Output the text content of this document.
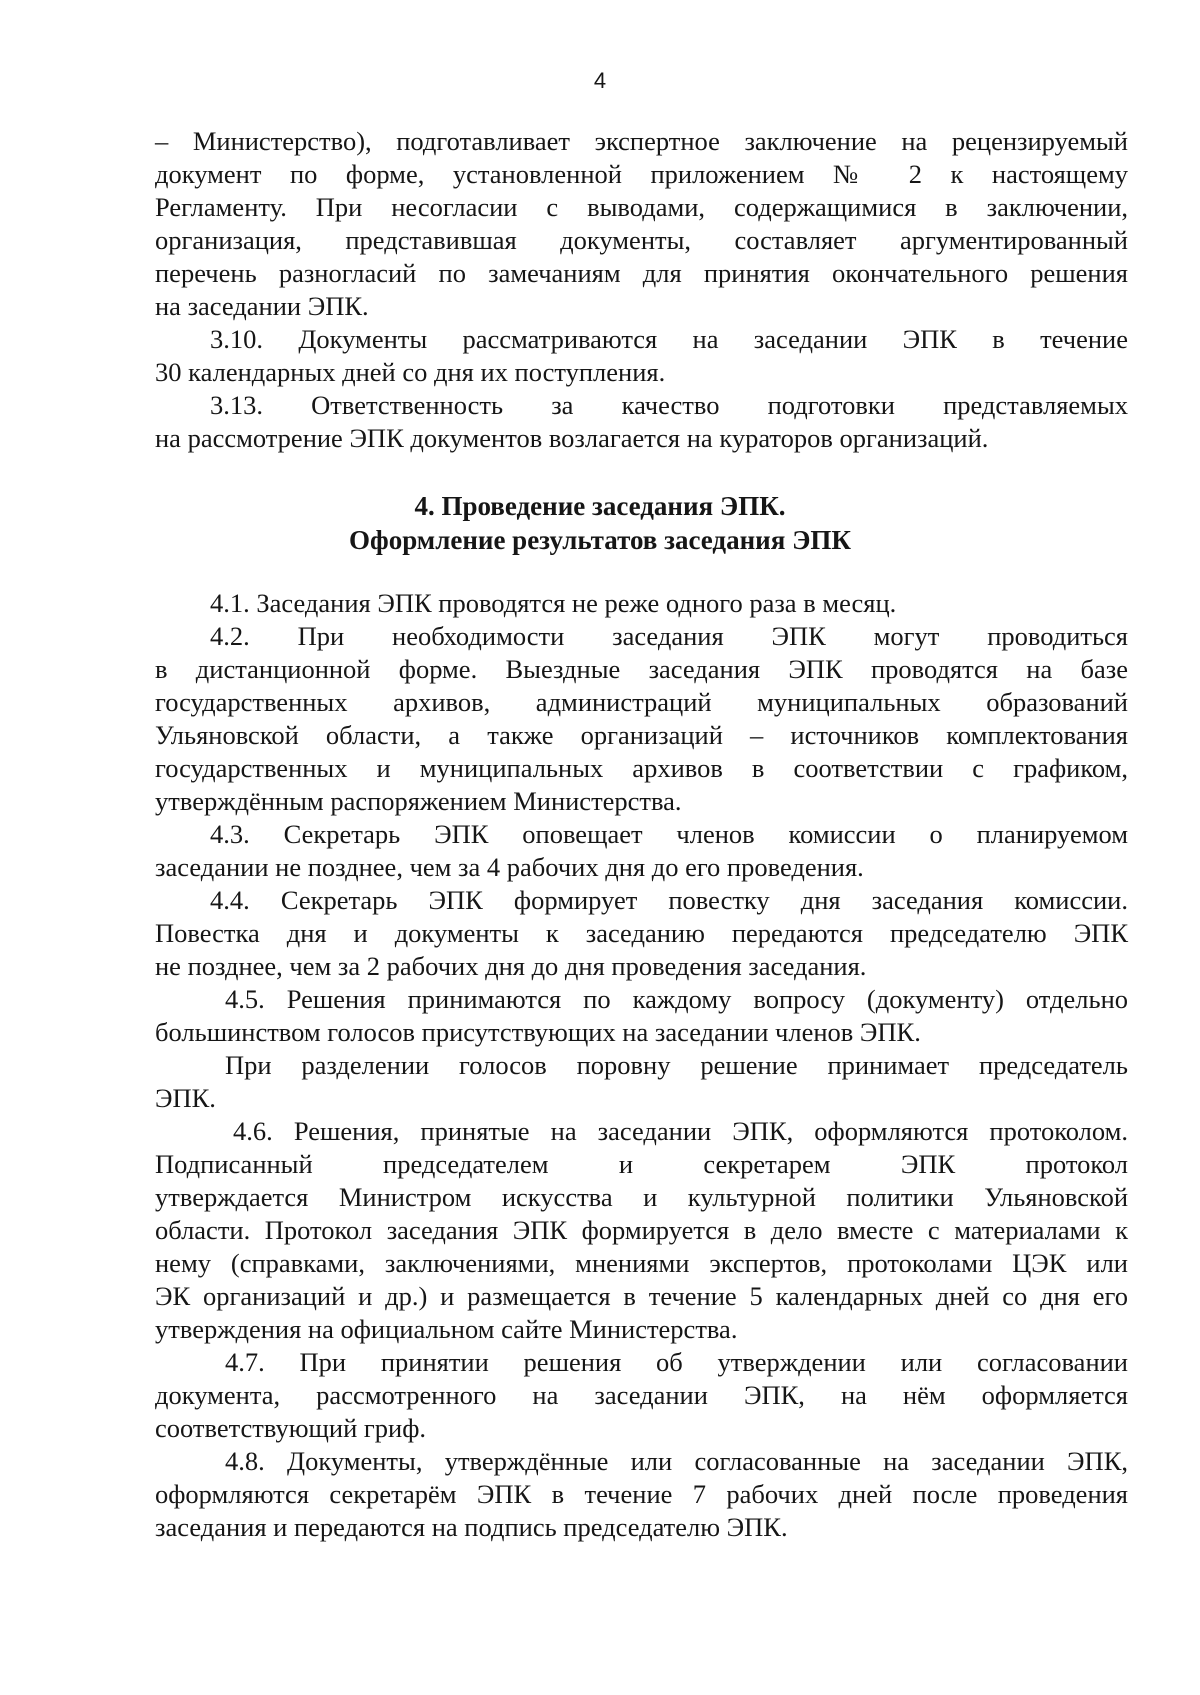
4
– Министерство), подготавливает экспертное заключение на рецензируемый
документ по форме, установленной приложением № 2 к настоящему
Регламенту. При несогласии с выводами, содержащимися в заключении,
организация, представившая документы, составляет аргументированный
перечень разногласий по замечаниям для принятия окончательного решения
на заседании ЭПК.
3.10. Документы рассматриваются на заседании ЭПК в течение
30 календарных дней со дня их поступления.
3.13. Ответственность за качество подготовки представляемых
на рассмотрение ЭПК документов возлагается на кураторов организаций.
4. Проведение заседания ЭПК.
Оформление результатов заседания ЭПК
4.1. Заседания ЭПК проводятся не реже одного раза в месяц.
4.2. При необходимости заседания ЭПК могут проводиться
в дистанционной форме. Выездные заседания ЭПК проводятся на базе
государственных архивов, администраций муниципальных образований
Ульяновской области, а также организаций – источников комплектования
государственных и муниципальных архивов в соответствии с графиком,
утверждённым распоряжением Министерства.
4.3. Секретарь ЭПК оповещает членов комиссии о планируемом
заседании не позднее, чем за 4 рабочих дня до его проведения.
4.4. Секретарь ЭПК формирует повестку дня заседания комиссии.
Повестка дня и документы к заседанию передаются председателю ЭПК
не позднее, чем за 2 рабочих дня до дня проведения заседания.
4.5. Решения принимаются по каждому вопросу (документу) отдельно
большинством голосов присутствующих на заседании членов ЭПК.
При разделении голосов поровну решение принимает председатель
ЭПК.
4.6. Решения, принятые на заседании ЭПК, оформляются протоколом.
Подписанный председателем и секретарем ЭПК протокол
утверждается Министром искусства и культурной политики Ульяновской
области. Протокол заседания ЭПК формируется в дело вместе с материалами к
нему (справками, заключениями, мнениями экспертов, протоколами ЦЭК или
ЭК организаций и др.) и размещается в течение 5 календарных дней со дня его
утверждения на официальном сайте Министерства.
4.7. При принятии решения об утверждении или согласовании
документа, рассмотренного на заседании ЭПК, на нём оформляется
соответствующий гриф.
4.8. Документы, утверждённые или согласованные на заседании ЭПК,
оформляются секретарём ЭПК в течение 7 рабочих дней после проведения
заседания и передаются на подпись председателю ЭПК.
